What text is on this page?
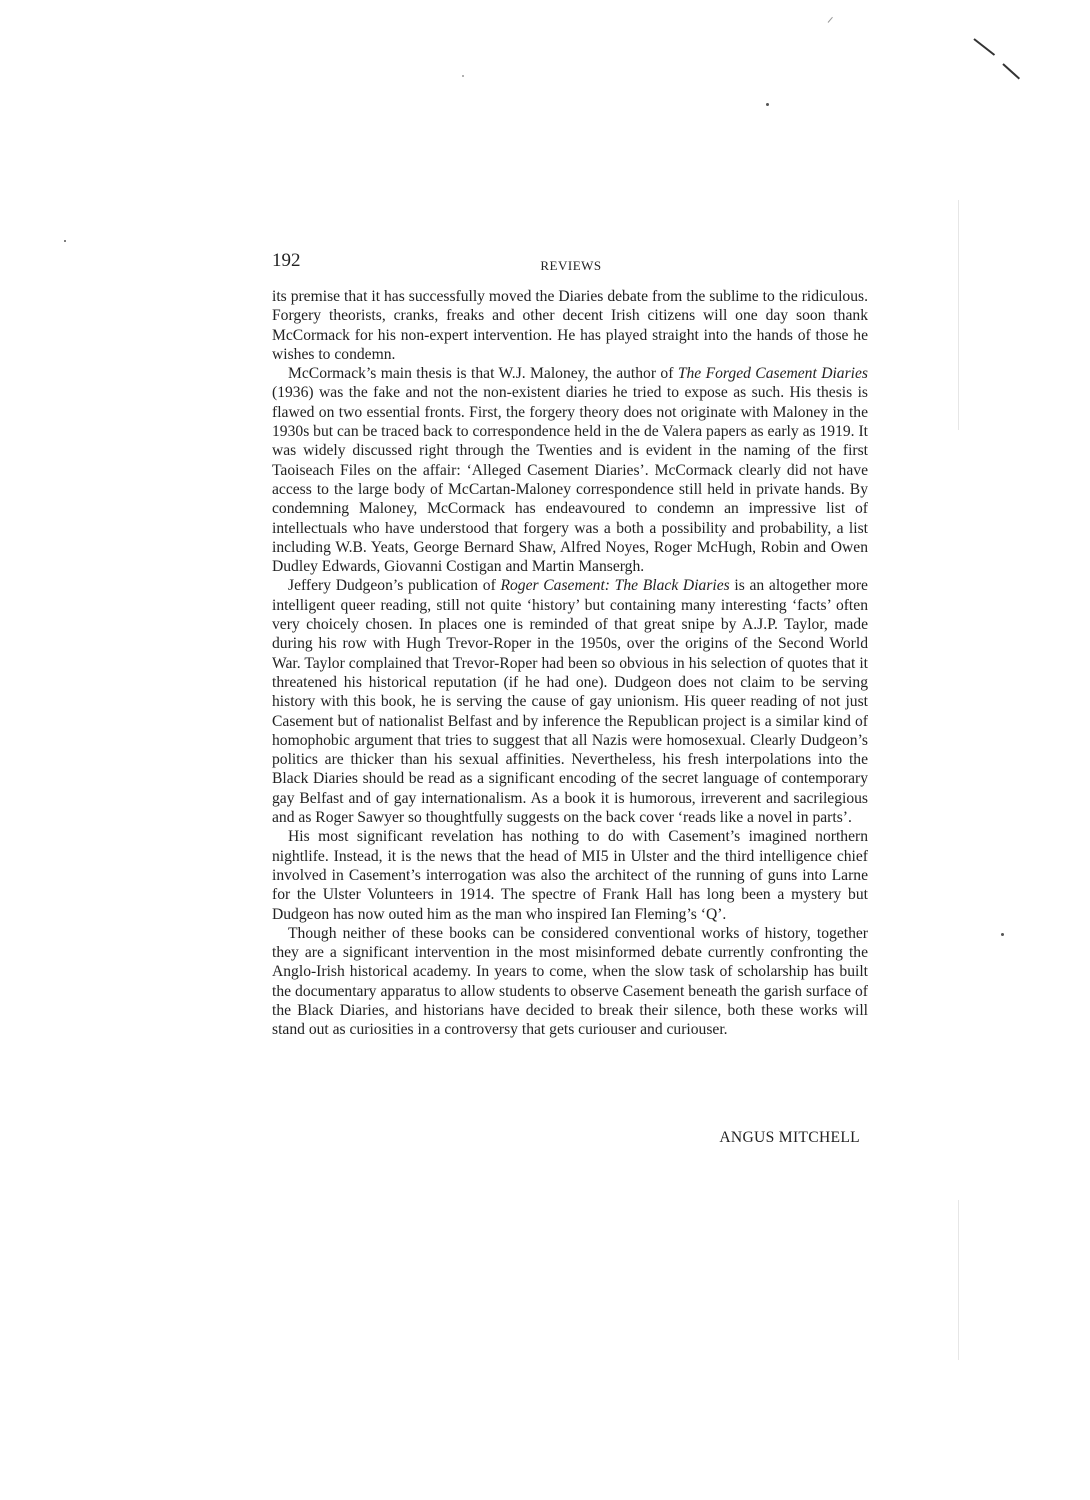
192	REVIEWS

its premise that it has successfully moved the Diaries debate from the sublime to the ridiculous. Forgery theorists, cranks, freaks and other decent Irish citizens will one day soon thank McCormack for his non-expert intervention. He has played straight into the hands of those he wishes to condemn.

McCormack’s main thesis is that W.J. Maloney, the author of The Forged Casement Diaries (1936) was the fake and not the non-existent diaries he tried to expose as such. His thesis is flawed on two essential fronts. First, the forgery theory does not originate with Maloney in the 1930s but can be traced back to correspondence held in the de Valera papers as early as 1919. It was widely discussed right through the Twenties and is evident in the naming of the first Taoiseach Files on the affair: ‘Alleged Casement Diaries’. McCormack clearly did not have access to the large body of McCartan-Maloney correspondence still held in private hands. By condemning Maloney, McCormack has endeavoured to condemn an impressive list of intellectuals who have understood that forgery was a both a possibility and probability, a list including W.B. Yeats, George Bernard Shaw, Alfred Noyes, Roger McHugh, Robin and Owen Dudley Edwards, Giovanni Costigan and Martin Mansergh.

Jeffery Dudgeon’s publication of Roger Casement: The Black Diaries is an altogether more intelligent queer reading, still not quite ‘history’ but containing many interesting ‘facts’ often very choicely chosen. In places one is reminded of that great snipe by A.J.P. Taylor, made during his row with Hugh Trevor-Roper in the 1950s, over the origins of the Second World War. Taylor complained that Trevor-Roper had been so obvious in his selection of quotes that it threatened his historical reputation (if he had one). Dudgeon does not claim to be serving history with this book, he is serving the cause of gay unionism. His queer reading of not just Casement but of nationalist Belfast and by inference the Republican project is a similar kind of homophobic argument that tries to suggest that all Nazis were homosexual. Clearly Dudgeon’s politics are thicker than his sexual affinities. Nevertheless, his fresh interpolations into the Black Diaries should be read as a significant encoding of the secret language of contemporary gay Belfast and of gay internationalism. As a book it is humorous, irreverent and sacrilegious and as Roger Sawyer so thoughtfully suggests on the back cover ‘reads like a novel in parts’.

His most significant revelation has nothing to do with Casement’s imagined northern nightlife. Instead, it is the news that the head of MI5 in Ulster and the third intelligence chief involved in Casement’s interrogation was also the architect of the running of guns into Larne for the Ulster Volunteers in 1914. The spectre of Frank Hall has long been a mystery but Dudgeon has now outed him as the man who inspired Ian Fleming’s ‘Q’.

Though neither of these books can be considered conventional works of history, together they are a significant intervention in the most misinformed debate currently confronting the Anglo-Irish historical academy. In years to come, when the slow task of scholarship has built the documentary apparatus to allow students to observe Casement beneath the garish surface of the Black Diaries, and historians have decided to break their silence, both these works will stand out as curiosities in a controversy that gets curiouser and curiouser.

ANGUS MITCHELL
